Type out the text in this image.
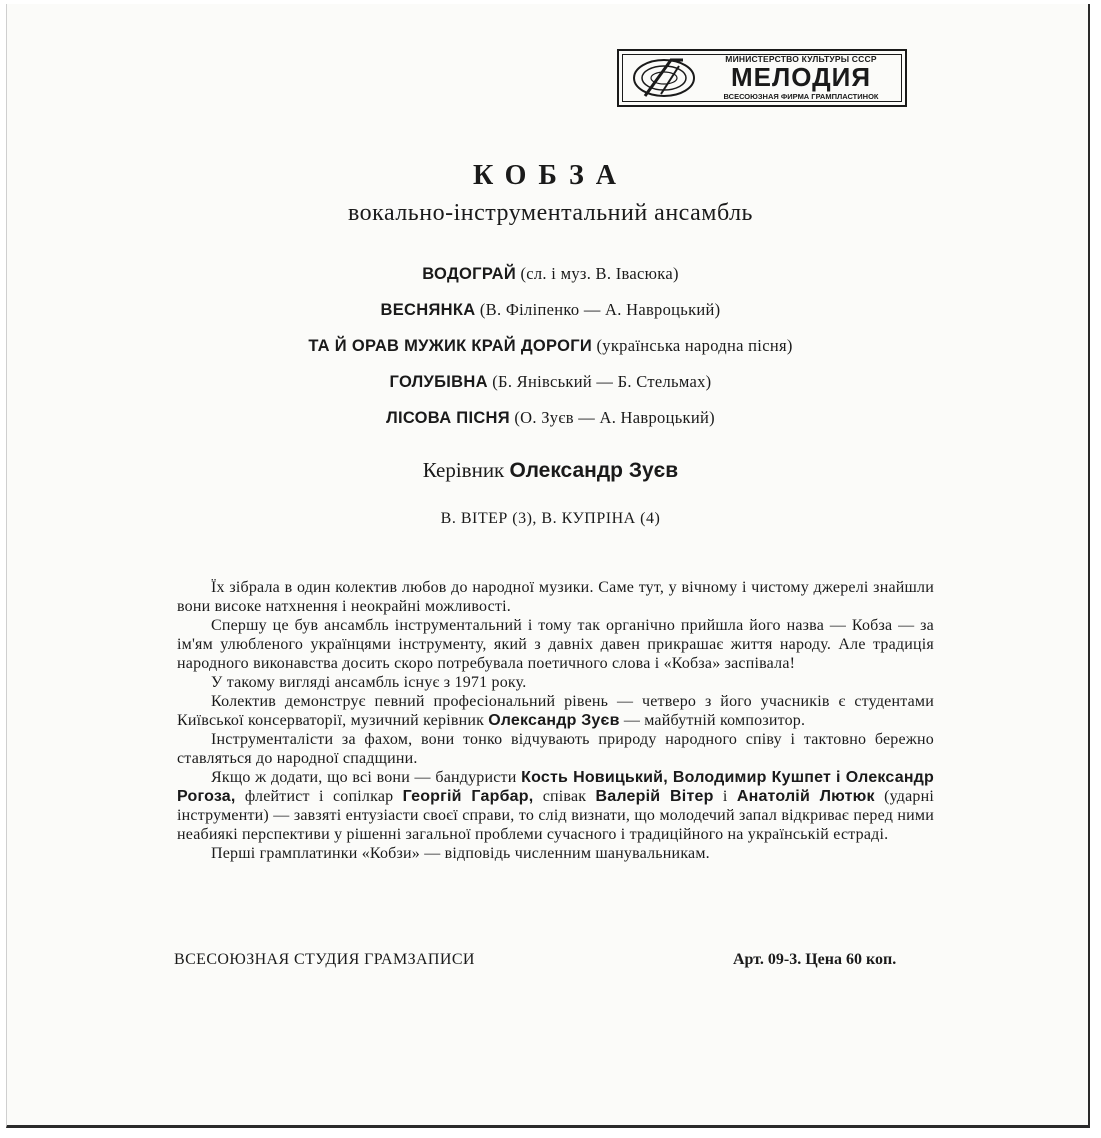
МИНИСТЕРСТВО КУЛЬТУРЫ СССР
МЕЛОДИЯ
ВСЕСОЮЗНАЯ ФИРМА ГРАМПЛАСТИНОК
КОБЗА
вокально-інструментальний ансамбль
ВОДОГРАЙ (сл. і муз. В. Івасюка)
ВЕСНЯНКА (В. Філіпенко — А. Навроцький)
ТА Й ОРАВ МУЖИК КРАЙ ДОРОГИ (українська народна пісня)
ГОЛУБІВНА (Б. Янівський — Б. Стельмах)
ЛІСОВА ПІСНЯ (О. Зуєв — А. Навроцький)
Керівник Олександр Зуєв
В. ВІТЕР (3), В. КУПРІНА (4)

Їх зібрала в один колектив любов до народної музики. Саме тут, у вічному і чистому джерелі знайшли вони високе натхнення і неокрайні можливості.

Спершу це був ансамбль інструментальний і тому так органічно прийшла його назва — Кобза — за ім'ям улюбленого українцями інструменту, який з давніх давен прикрашає життя народу. Але традиція народного виконавства досить скоро потребувала поетичного слова і «Кобза» заспівала!

У такому вигляді ансамбль існує з 1971 року.

Колектив демонструє певний професіональний рівень — четверо з його учасників є студентами Київської консерваторії, музичний керівник Олександр Зуєв — майбутній композитор.

Інструменталісти за фахом, вони тонко відчувають природу народного співу і тактовно бережно ставляться до народної спадщини.

Якщо ж додати, що всі вони — бандуристи Кость Новицький, Володимир Кушпет і Олександр Рогоза, флейтист і сопілкар Георгій Гарбар, співак Валерій Вітер і Анатолій Лютюк (ударні інструменти) — завзяті ентузіасти своєї справи, то слід визнати, що молодечий запал відкриває перед ними неабиякі перспективи у рішенні загальної проблеми сучасного і традиційного на українській естраді.

Перші грамплатинки «Кобзи» — відповідь численним шанувальникам.

ВСЕСОЮЗНАЯ СТУДИЯ ГРАМЗАПИСИ	Арт. 09-3. Цена 60 коп.
